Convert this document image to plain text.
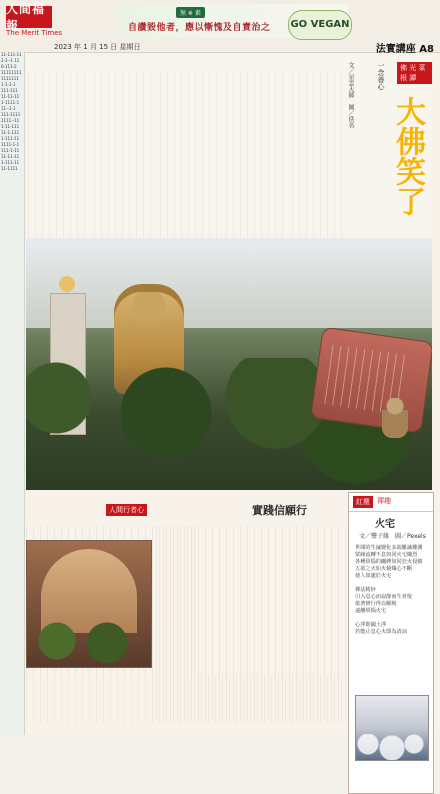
人間福報
The Merit Times
2023 年 1 月 15 日 星期日	法實講座 A8
無 ※ 素
自讚毀他者，應以慚愧及自責治之 GO VEGAN
11-111-11
2-1--1 11
0-111-2
11111111
1111111
1-1-1-1
111-111
11-11-11
1-1111-1
11--1-1
111-1111
1111--11
1-11-111
11-1-111
1-111-11
1111-1-1
111-1-11
11-11-11
1-111-11
11-1111
佛 光 菜 根 譚
一念善心
大佛笑了
文／星雲大師　圖／佚名
人間行者心	實踐信願行
紅塵	禪趣
火宅
文／豐子緣　圖／Pexels
世間的生滅變化多端難識難測
眾緣流轉不息如同火宅熾烈
各種煩惱的纏縛如同狂火侵燒
五欲之火如火燒熾心不斷
使人如處於火宅

禪法精妙
引入息心而寂靜而生喜悅
依著修行得以解脫
遠離煩惱火宅

心淨即國土淨
若能止息心火即為清涼
